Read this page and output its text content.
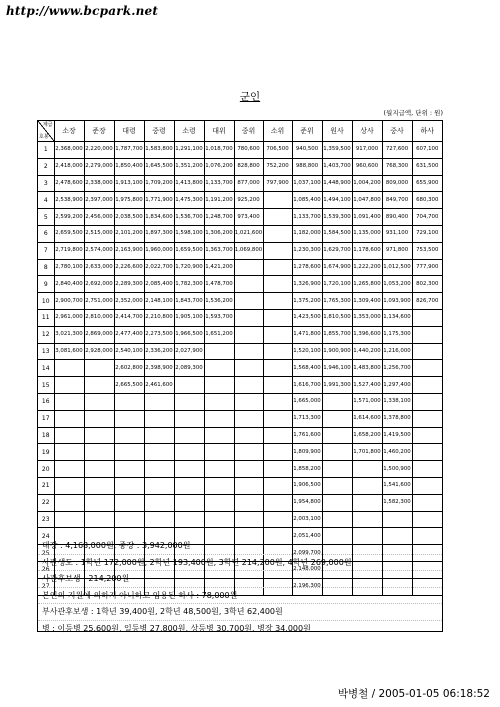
http://www.bcpark.net
군인
(월지급액, 단위 : 원)
계급
호봉	소장	준장	대령	중령	소령	대위	중위	소위	준위	원사	상사	중사	하사
1	2,368,000	2,220,000	1,787,700	1,583,800	1,291,100	1,018,700	780,600	706,500	940,500	1,359,500	917,000	727,600	607,100
2	2,418,000	2,279,000	1,850,400	1,645,500	1,351,200	1,076,200	828,800	752,200	988,800	1,403,700	960,600	768,300	631,500
3	2,478,600	2,338,000	1,913,100	1,709,200	1,413,800	1,133,700	877,000	797,900	1,037,100	1,448,900	1,004,200	809,000	655,900
4	2,538,900	2,397,000	1,975,800	1,771,900	1,475,300	1,191,200	925,200		1,085,400	1,494,100	1,047,800	849,700	680,300
5	2,599,200	2,456,000	2,038,500	1,834,600	1,536,700	1,248,700	973,400		1,133,700	1,539,300	1,091,400	890,400	704,700
6	2,659,500	2,515,000	2,101,200	1,897,300	1,598,100	1,306,200	1,021,600		1,182,000	1,584,500	1,135,000	931,100	729,100
7	2,719,800	2,574,000	2,163,900	1,960,000	1,659,500	1,363,700	1,069,800		1,230,300	1,629,700	1,178,600	971,800	753,500
8	2,780,100	2,633,000	2,226,600	2,022,700	1,720,900	1,421,200			1,278,600	1,674,900	1,222,200	1,012,500	777,900
9	2,840,400	2,692,000	2,289,300	2,085,400	1,782,300	1,478,700			1,326,900	1,720,100	1,265,800	1,053,200	802,300
10	2,900,700	2,751,000	2,352,000	2,148,100	1,843,700	1,536,200			1,375,200	1,765,300	1,309,400	1,093,900	826,700
11	2,961,000	2,810,000	2,414,700	2,210,800	1,905,100	1,593,700			1,423,500	1,810,500	1,353,000	1,134,600	
12	3,021,300	2,869,000	2,477,400	2,273,500	1,966,500	1,651,200			1,471,800	1,855,700	1,396,600	1,175,300	
13	3,081,600	2,928,000	2,540,100	2,336,200	2,027,900				1,520,100	1,900,900	1,440,200	1,216,000	
14			2,602,800	2,398,900	2,089,300				1,568,400	1,946,100	1,483,800	1,256,700	
15			2,665,500	2,461,600					1,616,700	1,991,300	1,527,400	1,297,400	
16									1,665,000		1,571,000	1,338,100	
17									1,713,300		1,614,600	1,378,800	
18									1,761,600		1,658,200	1,419,500	
19									1,809,900		1,701,800	1,460,200	
20									1,858,200			1,500,900	
21									1,906,500			1,541,600	
22									1,954,800			1,582,300	
23									2,003,100				
24									2,051,400				
25									2,099,700				
26									2,148,000				
27									2,196,300				
대장 : 4,168,000원, 중장 : 3,942,000원
사관생도 : 1학년 172,000원, 2학년 193,400원, 3학년 214,200원, 4학년 269,000원
사관후보생 : 214,200원
본인의 지원에 의하지 아니하고 임용된 하사 : 78,000원
부사관후보생 : 1학년 39,400원, 2학년 48,500원, 3학년 62,400원
병 : 이등병 25,600원, 일등병 27,800원, 상등병 30,700원, 병장 34,000원
박병철 / 2005-01-05 06:18:52
